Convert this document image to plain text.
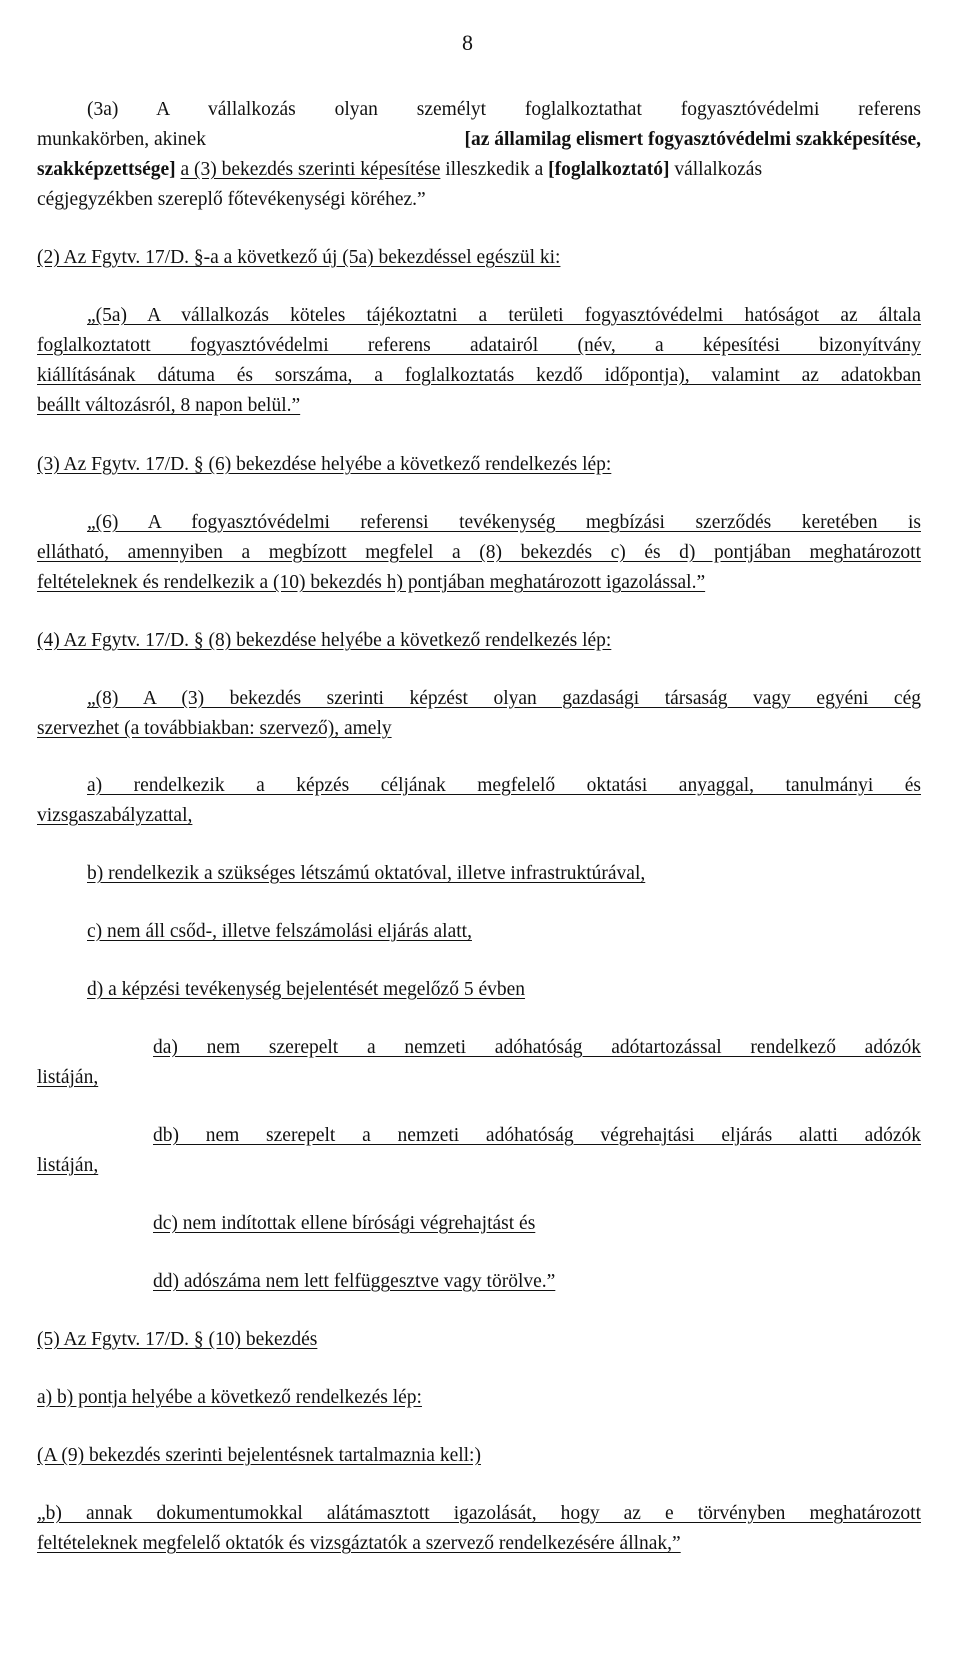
8
(3a) A vállalkozás olyan személyt foglalkoztathat fogyasztóvédelmi referens
munkakörben, akinek	[az államilag elismert fogyasztóvédelmi szakképesítése,
szakképzettsége] a (3) bekezdés szerinti képesítése illeszkedik a [foglalkoztató] vállalkozás
cégjegyzékben szereplő főtevékenységi köréhez.”
(2) Az Fgytv. 17/D. §-a a következő új (5a) bekezdéssel egészül ki:
„(5a) A vállalkozás köteles tájékoztatni a területi fogyasztóvédelmi hatóságot az általa
foglalkoztatott fogyasztóvédelmi referens adatairól (név, a képesítési bizonyítvány
kiállításának dátuma és sorszáma, a foglalkoztatás kezdő időpontja), valamint az adatokban
beállt változásról, 8 napon belül.”
(3) Az Fgytv. 17/D. § (6) bekezdése helyébe a következő rendelkezés lép:
„(6) A fogyasztóvédelmi referensi tevékenység megbízási szerződés keretében is
ellátható, amennyiben a megbízott megfelel a (8) bekezdés c) és d) pontjában meghatározott
feltételeknek és rendelkezik a (10) bekezdés h) pontjában meghatározott igazolással.”
(4) Az Fgytv. 17/D. § (8) bekezdése helyébe a következő rendelkezés lép:
„(8) A (3) bekezdés szerinti képzést olyan gazdasági társaság vagy egyéni cég
szervezhet (a továbbiakban: szervező), amely
a) rendelkezik a képzés céljának megfelelő oktatási anyaggal, tanulmányi és
vizsgaszabályzattal,
b) rendelkezik a szükséges létszámú oktatóval, illetve infrastruktúrával,
c) nem áll csőd-, illetve felszámolási eljárás alatt,
d) a képzési tevékenység bejelentését megelőző 5 évben
da) nem szerepelt a nemzeti adóhatóság adótartozással rendelkező adózók
listáján,
db) nem szerepelt a nemzeti adóhatóság végrehajtási eljárás alatti adózók
listáján,
dc) nem indítottak ellene bírósági végrehajtást és
dd) adószáma nem lett felfüggesztve vagy törölve.”
(5) Az Fgytv. 17/D. § (10) bekezdés
a) b) pontja helyébe a következő rendelkezés lép:
(A (9) bekezdés szerinti bejelentésnek tartalmaznia kell:)
„b) annak dokumentumokkal alátámasztott igazolását, hogy az e törvényben meghatározott
feltételeknek megfelelő oktatók és vizsgáztatók a szervező rendelkezésére állnak,”
